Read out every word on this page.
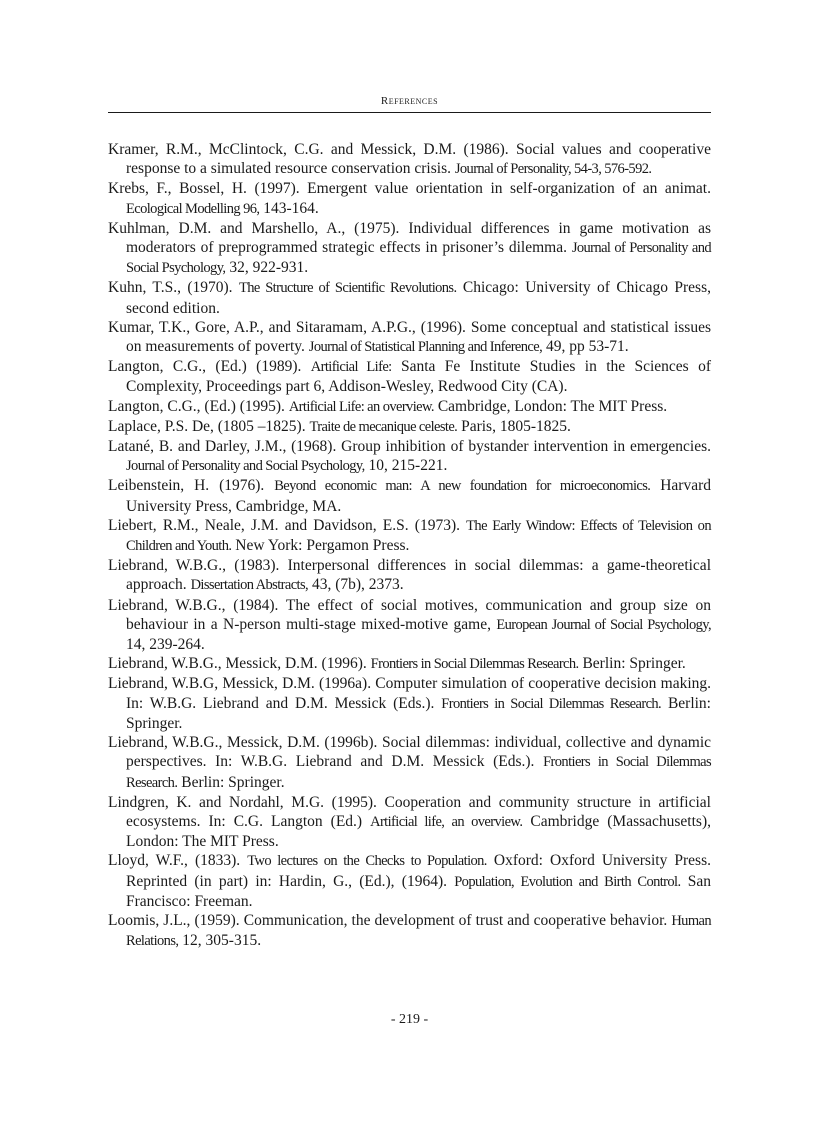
References

Kramer, R.M., McClintock, C.G. and Messick, D.M. (1986). Social values and cooperative response to a simulated resource conservation crisis. Journal of Personality, 54-3, 576-592.

Krebs, F., Bossel, H. (1997). Emergent value orientation in self-organization of an animat. Ecological Modelling 96, 143-164.

Kuhlman, D.M. and Marshello, A., (1975). Individual differences in game motivation as moderators of preprogrammed strategic effects in prisoner’s dilemma. Journal of Personality and Social Psychology, 32, 922-931.

Kuhn, T.S., (1970). The Structure of Scientific Revolutions. Chicago: University of Chicago Press, second edition.

Kumar, T.K., Gore, A.P., and Sitaramam, A.P.G., (1996). Some conceptual and statistical issues on measurements of poverty. Journal of Statistical Planning and Inference, 49, pp 53-71.

Langton, C.G., (Ed.) (1989). Artificial Life: Santa Fe Institute Studies in the Sciences of Complexity, Proceedings part 6, Addison-Wesley, Redwood City (CA).

Langton, C.G., (Ed.) (1995). Artificial Life: an overview. Cambridge, London: The MIT Press.

Laplace, P.S. De, (1805 –1825). Traite de mecanique celeste. Paris, 1805-1825.

Latané, B. and Darley, J.M., (1968). Group inhibition of bystander intervention in emergencies. Journal of Personality and Social Psychology, 10, 215-221.

Leibenstein, H. (1976). Beyond economic man: A new foundation for microeconomics. Harvard University Press, Cambridge, MA.

Liebert, R.M., Neale, J.M. and Davidson, E.S. (1973). The Early Window: Effects of Television on Children and Youth. New York: Pergamon Press.

Liebrand, W.B.G., (1983). Interpersonal differences in social dilemmas: a game-theoretical approach. Dissertation Abstracts, 43, (7b), 2373.

Liebrand, W.B.G., (1984). The effect of social motives, communication and group size on behaviour in a N-person multi-stage mixed-motive game, European Journal of Social Psychology, 14, 239-264.

Liebrand, W.B.G., Messick, D.M. (1996). Frontiers in Social Dilemmas Research. Berlin: Springer.

Liebrand, W.B.G, Messick, D.M. (1996a). Computer simulation of cooperative decision making. In: W.B.G. Liebrand and D.M. Messick (Eds.). Frontiers in Social Dilemmas Research. Berlin: Springer.

Liebrand, W.B.G., Messick, D.M. (1996b). Social dilemmas: individual, collective and dynamic perspectives. In: W.B.G. Liebrand and D.M. Messick (Eds.). Frontiers in Social Dilemmas Research. Berlin: Springer.

Lindgren, K. and Nordahl, M.G. (1995). Cooperation and community structure in artificial ecosystems. In: C.G. Langton (Ed.) Artificial life, an overview. Cambridge (Massachusetts), London: The MIT Press.

Lloyd, W.F., (1833). Two lectures on the Checks to Population. Oxford: Oxford University Press. Reprinted (in part) in: Hardin, G., (Ed.), (1964). Population, Evolution and Birth Control. San Francisco: Freeman.

Loomis, J.L., (1959). Communication, the development of trust and cooperative behavior. Human Relations, 12, 305-315.

- 219 -
